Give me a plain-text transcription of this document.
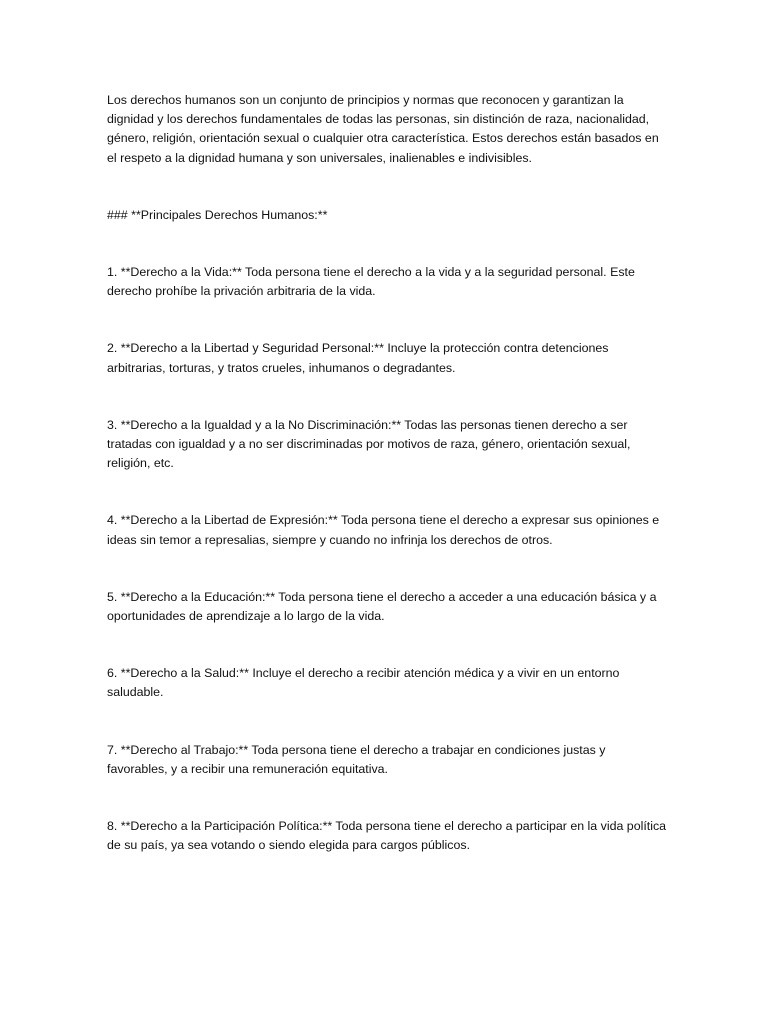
Los derechos humanos son un conjunto de principios y normas que reconocen y garantizan la dignidad y los derechos fundamentales de todas las personas, sin distinción de raza, nacionalidad, género, religión, orientación sexual o cualquier otra característica. Estos derechos están basados en el respeto a la dignidad humana y son universales, inalienables e indivisibles.

### **Principales Derechos Humanos:**

1. **Derecho a la Vida:** Toda persona tiene el derecho a la vida y a la seguridad personal. Este derecho prohíbe la privación arbitraria de la vida.

2. **Derecho a la Libertad y Seguridad Personal:** Incluye la protección contra detenciones arbitrarias, torturas, y tratos crueles, inhumanos o degradantes.

3. **Derecho a la Igualdad y a la No Discriminación:** Todas las personas tienen derecho a ser tratadas con igualdad y a no ser discriminadas por motivos de raza, género, orientación sexual, religión, etc.

4. **Derecho a la Libertad de Expresión:** Toda persona tiene el derecho a expresar sus opiniones e ideas sin temor a represalias, siempre y cuando no infrinja los derechos de otros.

5. **Derecho a la Educación:** Toda persona tiene el derecho a acceder a una educación básica y a oportunidades de aprendizaje a lo largo de la vida.

6. **Derecho a la Salud:** Incluye el derecho a recibir atención médica y a vivir en un entorno saludable.

7. **Derecho al Trabajo:** Toda persona tiene el derecho a trabajar en condiciones justas y favorables, y a recibir una remuneración equitativa.

8. **Derecho a la Participación Política:** Toda persona tiene el derecho a participar en la vida política de su país, ya sea votando o siendo elegida para cargos públicos.
